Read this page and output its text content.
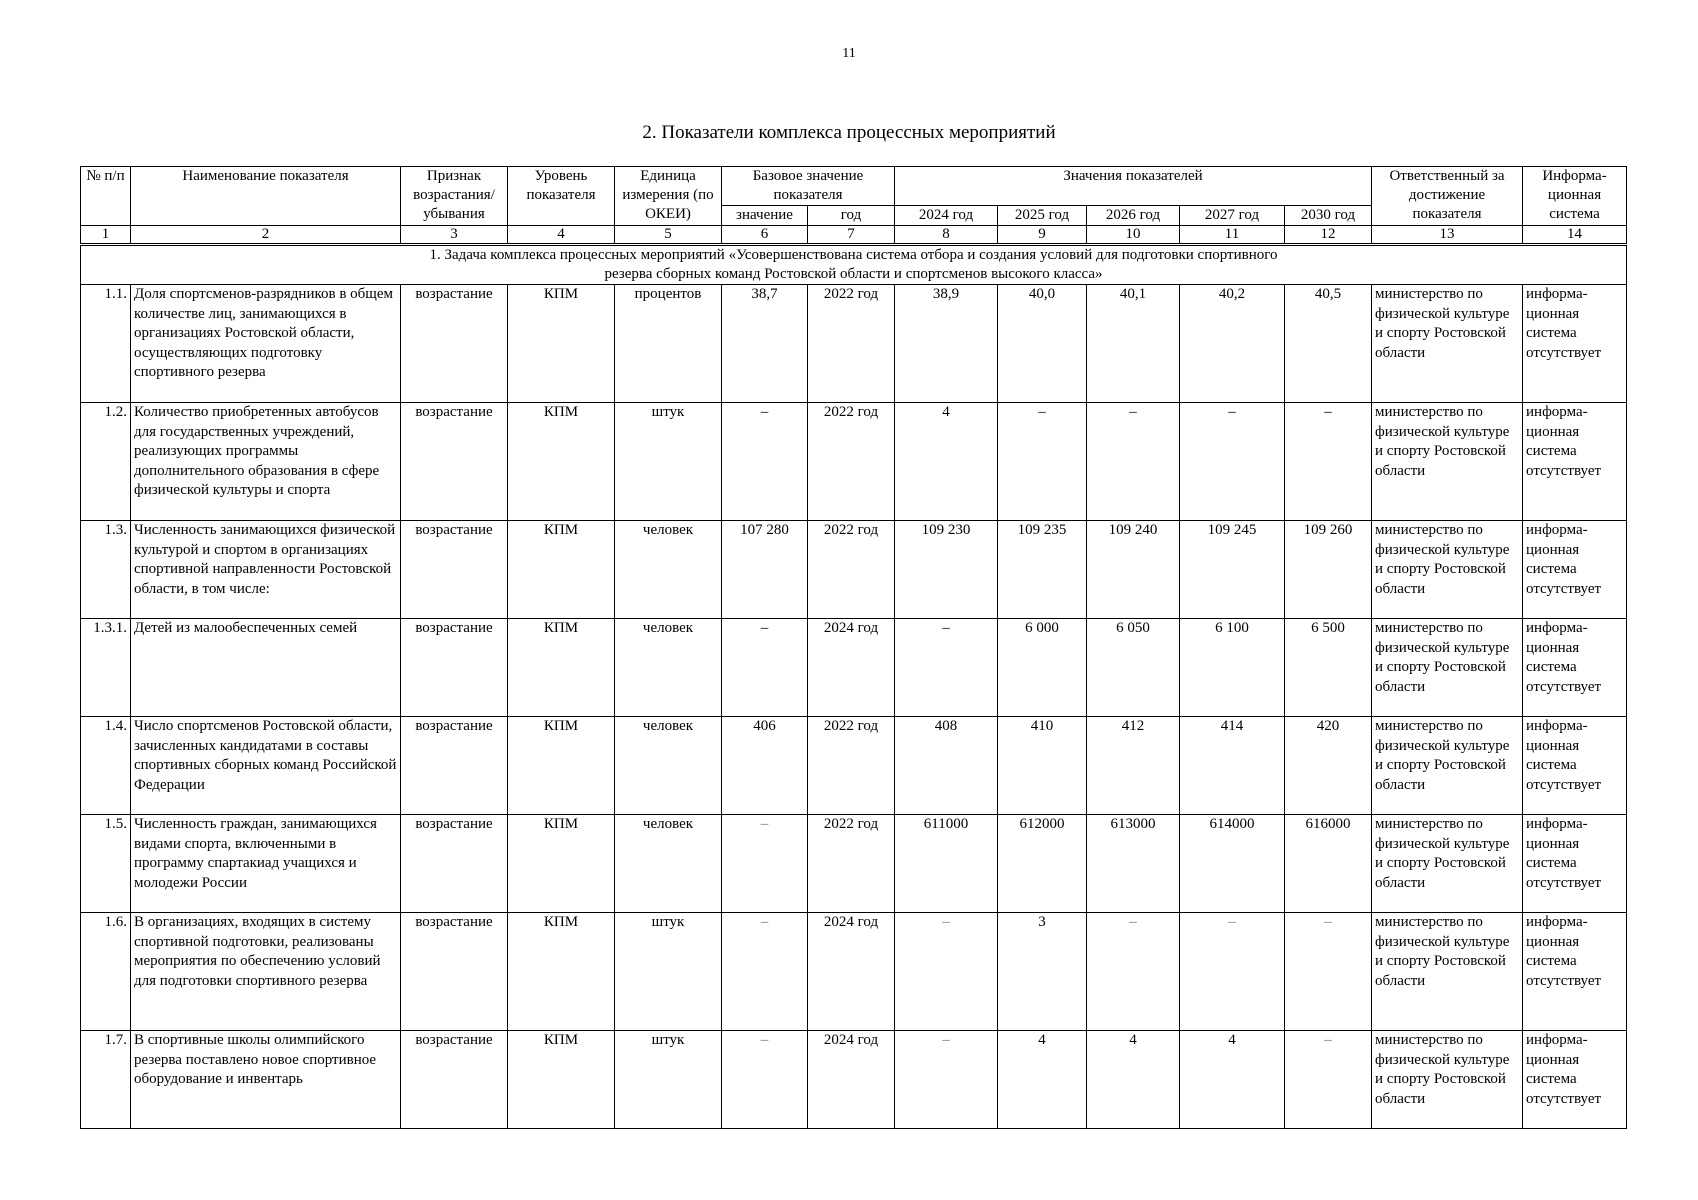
11
2. Показатели комплекса процессных мероприятий
№ п/п	Наименование показателя	Признак возрастания/ убывания	Уровень показателя	Единица измерения (по ОКЕИ)	Базовое значение показателя		Значения показателей					Ответственный за достижение показателя	Информа-ционная система
					значение	год	2024 год	2025 год	2026 год	2027 год	2030 год		
1	2	3	4	5	6	7	8	9	10	11	12	13	14
1. Задача комплекса процессных мероприятий «Усовершенствована система отбора и создания условий для подготовки спортивного резерва сборных команд Ростовской области и спортсменов высокого класса»													
1.1.	Доля спортсменов-разрядников в общем количестве лиц, занимающихся в организациях Ростовской области, осуществляющих подготовку спортивного резерва	возрастание	КПМ	процентов	38,7	2022 год	38,9	40,0	40,1	40,2	40,5	министерство по физической культуре и спорту Ростовской области	информа-ционная система отсутствует
1.2.	Количество приобретенных автобусов для государственных учреждений, реализующих программы дополнительного образования в сфере физической культуры и спорта	возрастание	КПМ	штук	–	2022 год	4	–	–	–	–	министерство по физической культуре и спорту Ростовской области	информа-ционная система отсутствует
1.3.	Численность занимающихся физической культурой и спортом в организациях спортивной направленности Ростовской области, в том числе:	возрастание	КПМ	человек	107 280	2022 год	109 230	109 235	109 240	109 245	109 260	министерство по физической культуре и спорту Ростовской области	информа-ционная система отсутствует
1.3.1.	Детей из малообеспеченных семей	возрастание	КПМ	человек	–	2024 год	–	6 000	6 050	6 100	6 500	министерство по физической культуре и спорту Ростовской области	информа-ционная система отсутствует
1.4.	Число спортсменов Ростовской области, зачисленных кандидатами в составы спортивных сборных команд Российской Федерации	возрастание	КПМ	человек	406	2022 год	408	410	412	414	420	министерство по физической культуре и спорту Ростовской области	информа-ционная система отсутствует
1.5.	Численность граждан, занимающихся видами спорта, включенными в программу спартакиад учащихся и молодежи России	возрастание	КПМ	человек	–	2022 год	611000	612000	613000	614000	616000	министерство по физической культуре и спорту Ростовской области	информа-ционная система отсутствует
1.6.	В организациях, входящих в систему спортивной подготовки, реализованы мероприятия по обеспечению условий для подготовки спортивного резерва	возрастание	КПМ	штук	–	2024 год	–	3	–	–	–	министерство по физической культуре и спорту Ростовской области	информа-ционная система отсутствует
1.7.	В спортивные школы олимпийского резерва поставлено новое спортивное оборудование и инвентарь	возрастание	КПМ	штук	–	2024 год	–	4	4	4	–	министерство по физической культуре и спорту Ростовской области	информа-ционная система отсутствует
